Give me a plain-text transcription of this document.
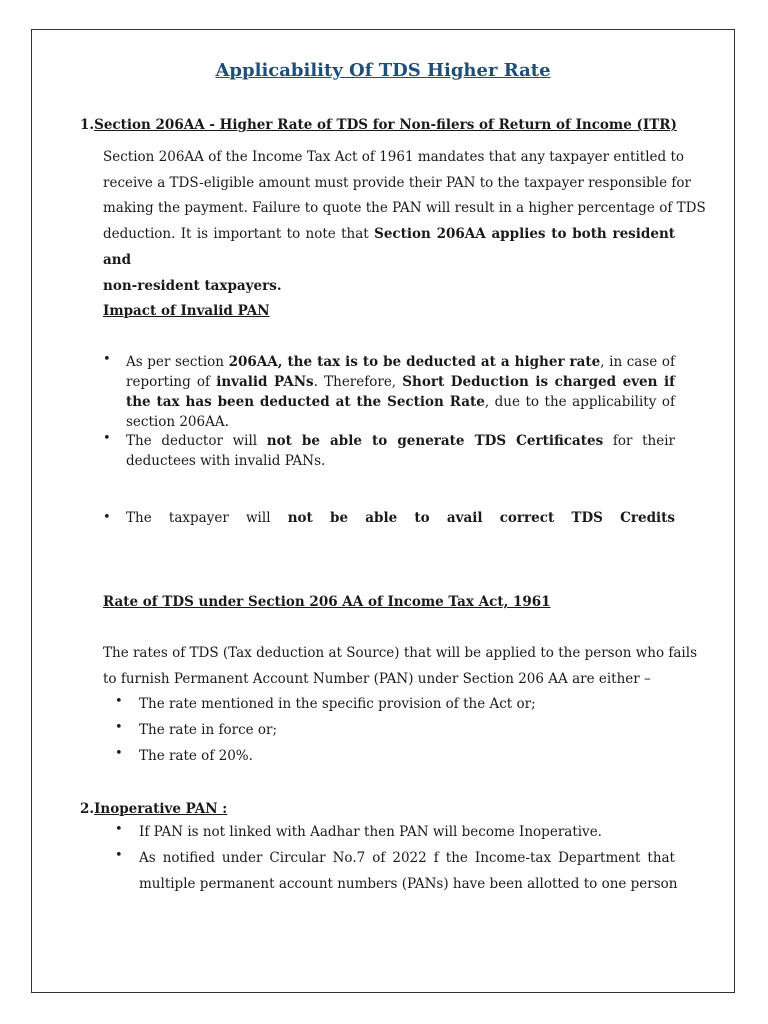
Applicability Of TDS Higher Rate
1.Section 206AA - Higher Rate of TDS for Non-filers of Return of Income (ITR)
Section 206AA of the Income Tax Act of 1961 mandates that any taxpayer entitled to
receive a TDS-eligible amount must provide their PAN to the taxpayer responsible for
making the payment. Failure to quote the PAN will result in a higher percentage of TDS
deduction. It is important to note that Section 206AA applies to both resident and
non-resident taxpayers.
Impact of Invalid PAN
• As per section 206AA, the tax is to be deducted at a higher rate, in case of reporting of invalid PANs. Therefore, Short Deduction is charged even if the tax has been deducted at the Section Rate, due to the applicability of section 206AA.
• The deductor will not be able to generate TDS Certificates for their deductees with invalid PANs.
• The taxpayer will not be able to avail correct TDS Credits
Rate of TDS under Section 206 AA of Income Tax Act, 1961
The rates of TDS (Tax deduction at Source) that will be applied to the person who fails
to furnish Permanent Account Number (PAN) under Section 206 AA are either –
• The rate mentioned in the specific provision of the Act or;
• The rate in force or;
• The rate of 20%.
2.Inoperative PAN :
• If PAN is not linked with Aadhar then PAN will become Inoperative.
• As notified under Circular No.7 of 2022 f the Income-tax Department that
multiple permanent account numbers (PANs) have been allotted to one person
